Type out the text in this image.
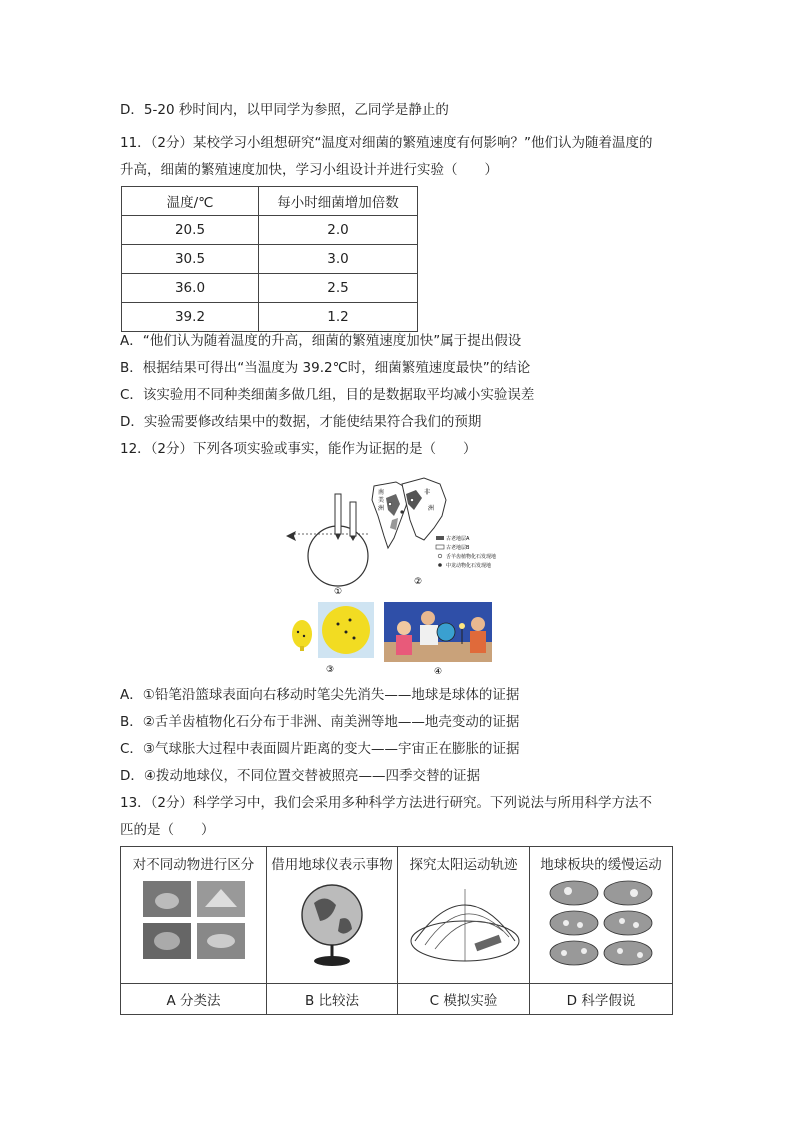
D．5-20 秒时间内，以甲同学为参照，乙同学是静止的
11．（2分）某校学习小组想研究“温度对细菌的繁殖速度有何影响？”他们认为随着温度的
升高，细菌的繁殖速度加快，学习小组设计并进行实验（　　）
温度/℃	每小时细菌增加倍数
20.5	2.0
30.5	3.0
36.0	2.5
39.2	1.2
A．“他们认为随着温度的升高，细菌的繁殖速度加快”属于提出假设
B．根据结果可得出“当温度为 39.2℃时，细菌繁殖速度最快”的结论
C．该实验用不同种类细菌多做几组，目的是数据取平均减小实验误差
D．实验需要修改结果中的数据，才能使结果符合我们的预期
12．（2分）下列各项实验或事实，能作为证据的是（　　）
①
南
美
洲
非
洲
古老地层A
古老地层B
舌羊齿植物化石发现地
中龙动物化石发现地
②
③	④
A．①铅笔沿篮球表面向右移动时笔尖先消失——地球是球体的证据
B．②舌羊齿植物化石分布于非洲、南美洲等地——地壳变动的证据
C．③气球胀大过程中表面圆片距离的变大——宇宙正在膨胀的证据
D．④拨动地球仪，不同位置交替被照亮——四季交替的证据
13．（2分）科学学习中，我们会采用多种科学方法进行研究。下列说法与所用科学方法不
匹的是（　　）
对不同动物进行区分	借用地球仪表示事物	探究太阳运动轨迹	地球板块的缓慢运动

A 分类法	B 比较法	C 模拟实验	D 科学假说
